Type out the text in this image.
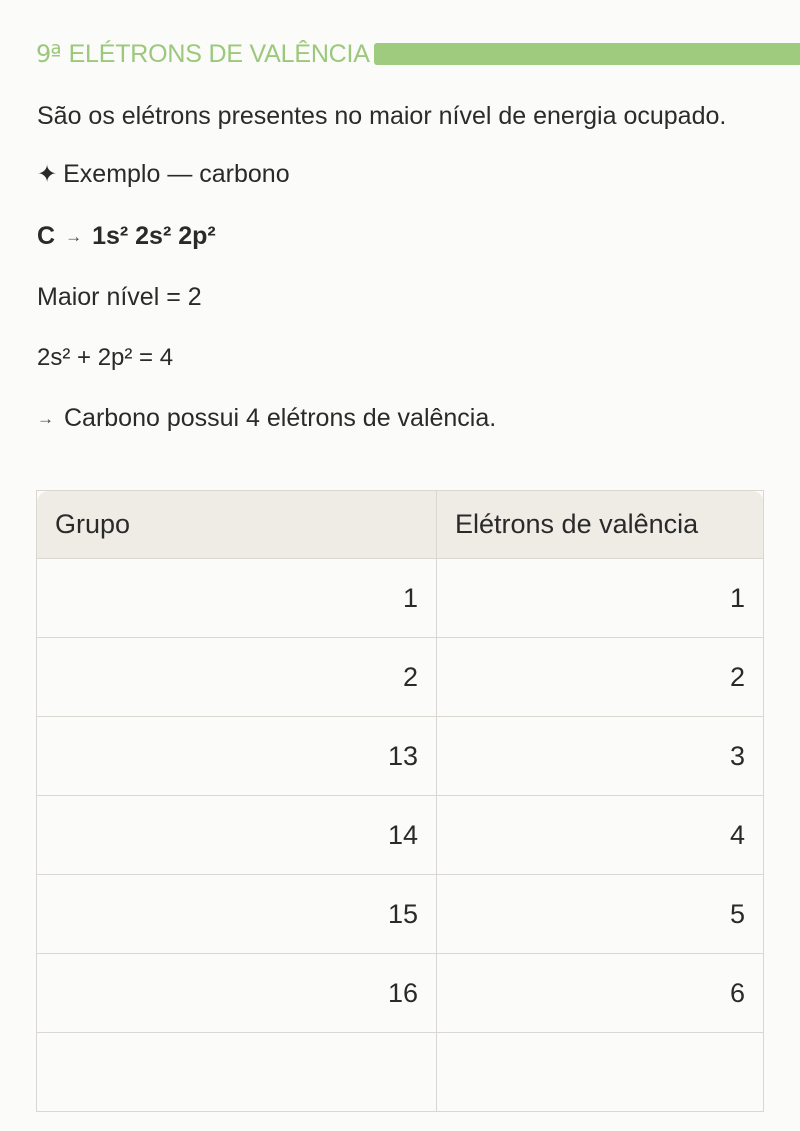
9ª ELÉTRONS DE VALÊNCIA
São os elétrons presentes no maior nível de energia ocupado.
✦ Exemplo — carbono
C → 1s² 2s² 2p²
Maior nível = 2
2s² + 2p² = 4
→ Carbono possui 4 elétrons de valência.
Grupo	Elétrons de valência
1	1
2	2
13	3
14	4
15	5
16	6
